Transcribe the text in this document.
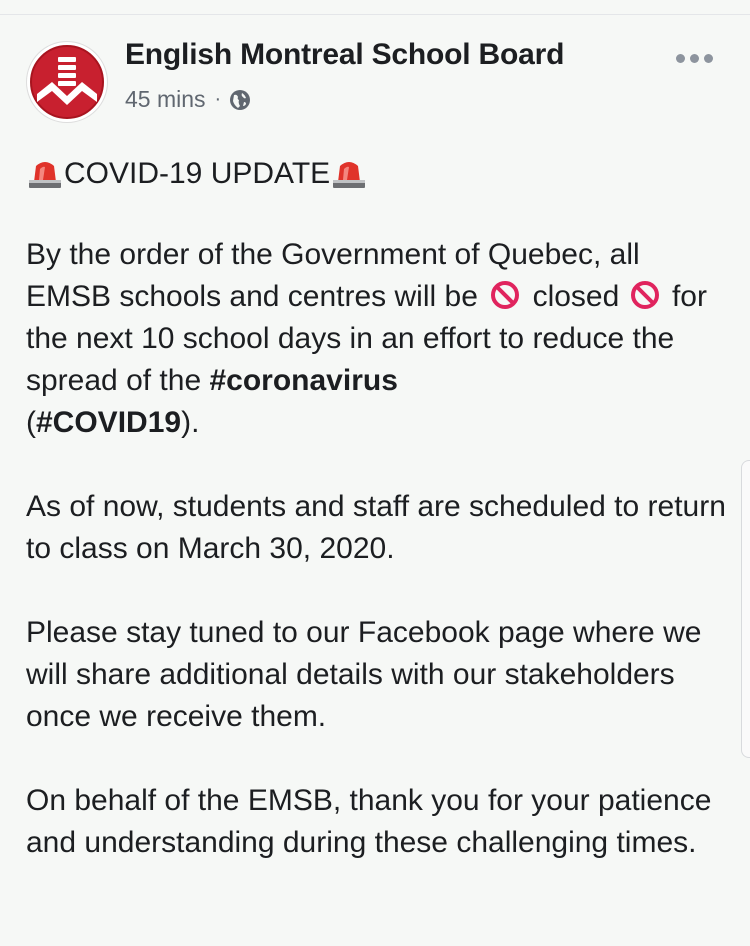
English Montreal School Board
45 mins ·

COVID-19 UPDATE

By the order of the Government of Quebec, all EMSB schools and centres will be closed for the next 10 school days in an effort to reduce the spread of the #coronavirus
(#COVID19).

As of now, students and staff are scheduled to return to class on March 30, 2020.

Please stay tuned to our Facebook page where we will share additional details with our stakeholders once we receive them.

On behalf of the EMSB, thank you for your patience and understanding during these challenging times.
